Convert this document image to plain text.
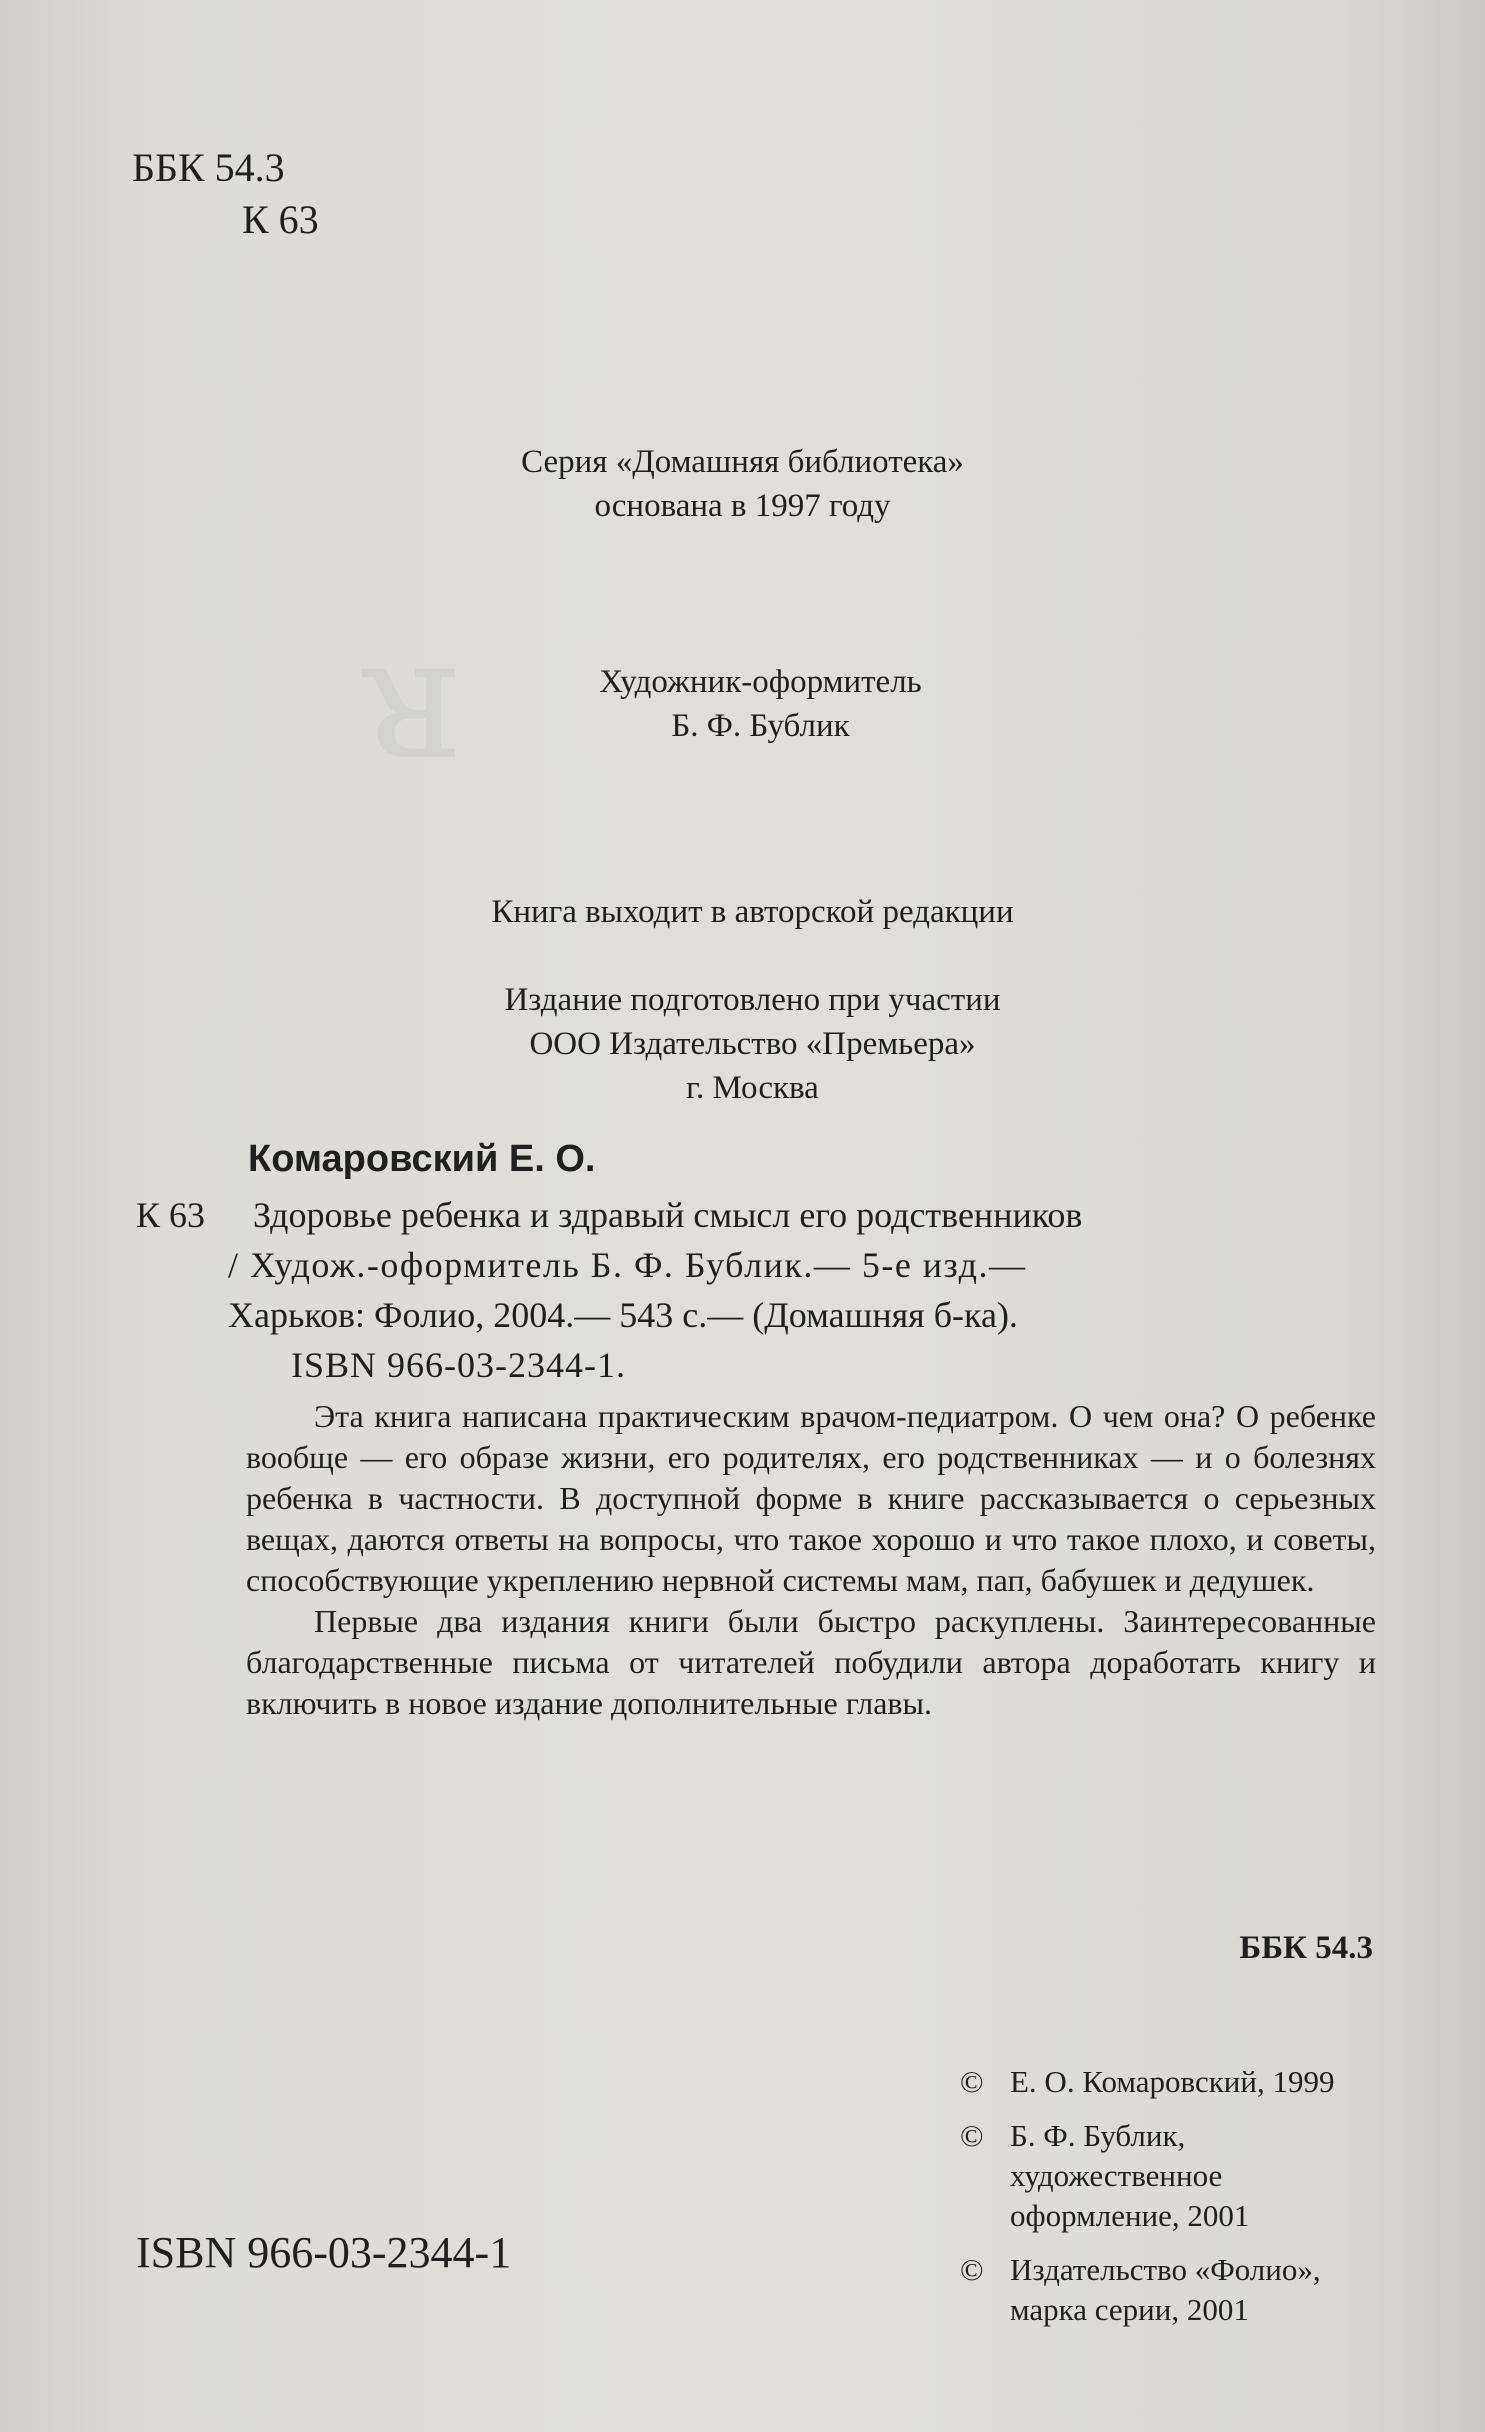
ᴚ
ББК 54.3
К 63
Серия «Домашняя библиотека»
основана в 1997 году
Художник-оформитель
Б. Ф. Бублик
Книга выходит в авторской редакции
Издание подготовлено при участии
ООО Издательство «Премьера»
г. Москва
Комаровский Е. О.
К 63 Здоровье ребенка и здравый смысл его родственников
/ Худож.-оформитель Б. Ф. Бублик.— 5-е изд.—
Харьков: Фолио, 2004.— 543 с.— (Домашняя б-ка).
ISBN 966-03-2344-1.

Эта книга написана практическим врачом-педиатром. О чем она? О ребенке вообще — его образе жизни, его родителях, его родственниках — и о болезнях ребенка в частности. В доступной форме в книге рассказывается о серьезных вещах, даются ответы на вопросы, что такое хорошо и что такое плохо, и советы, способствующие укреплению нервной системы мам, пап, бабушек и дедушек.

Первые два издания книги были быстро раскуплены. Заинтересованные благодарственные письма от читателей побудили автора доработать книгу и включить в новое издание дополнительные главы.

ББК 54.3
© Е. О. Комаровский, 1999
© Б. Ф. Бублик, художественное оформление, 2001
© Издательство «Фолио», марка серии, 2001
ISBN 966-03-2344-1
